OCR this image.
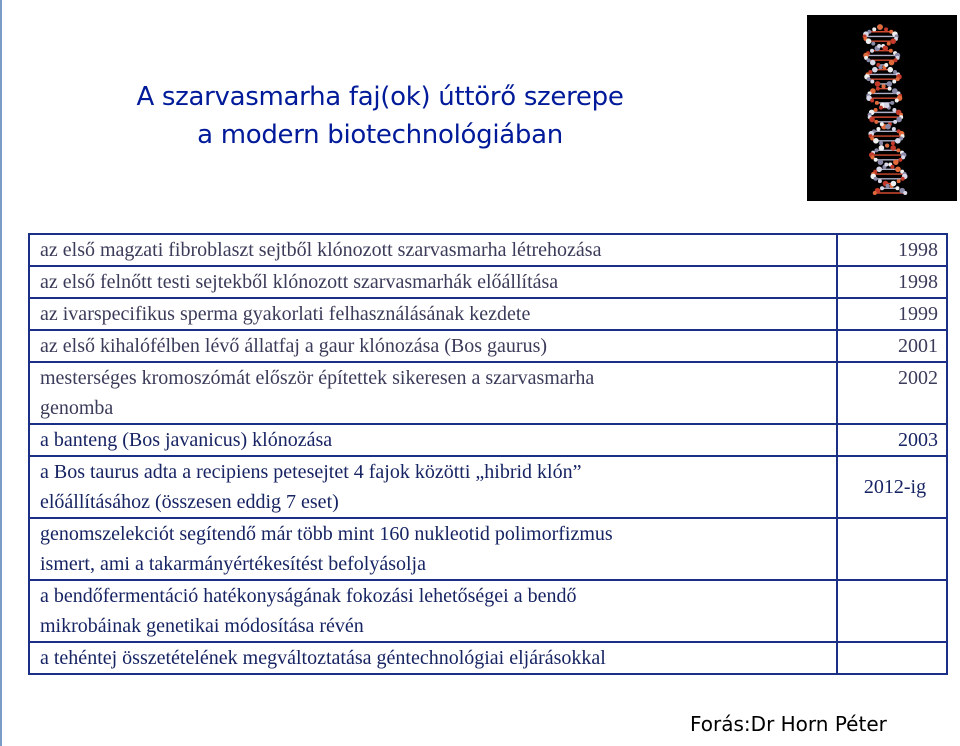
A szarvasmarha faj(ok) úttörő szerepe
a modern biotechnológiában
az első magzati fibroblaszt sejtből klónozott szarvasmarha létrehozása	1998
az első felnőtt testi sejtekből klónozott szarvasmarhák előállítása	1998
az ivarspecifikus sperma gyakorlati felhasználásának kezdete	1999
az első kihalófélben lévő állatfaj a gaur klónozása (Bos gaurus)	2001

mesterséges kromoszómát először építettek sikeresen a szarvasmarha
genomba	2002
a banteng (Bos javanicus) klónozása	2003

a Bos taurus adta a recipiens petesejtet 4 fajok közötti „hibrid klón”
előállításához (összesen eddig 7 eset)	2012-ig

genomszelekciót segítendő már több mint 160 nukleotid polimorfizmus
ismert, ami a takarmányértékesítést befolyásolja	

a bendőfermentáció hatékonyságának fokozási lehetőségei a bendő
mikrobáinak genetikai módosítása révén	

a tehéntej összetételének megváltoztatása géntechnológiai eljárásokkal	
Forás:Dr Horn Péter
